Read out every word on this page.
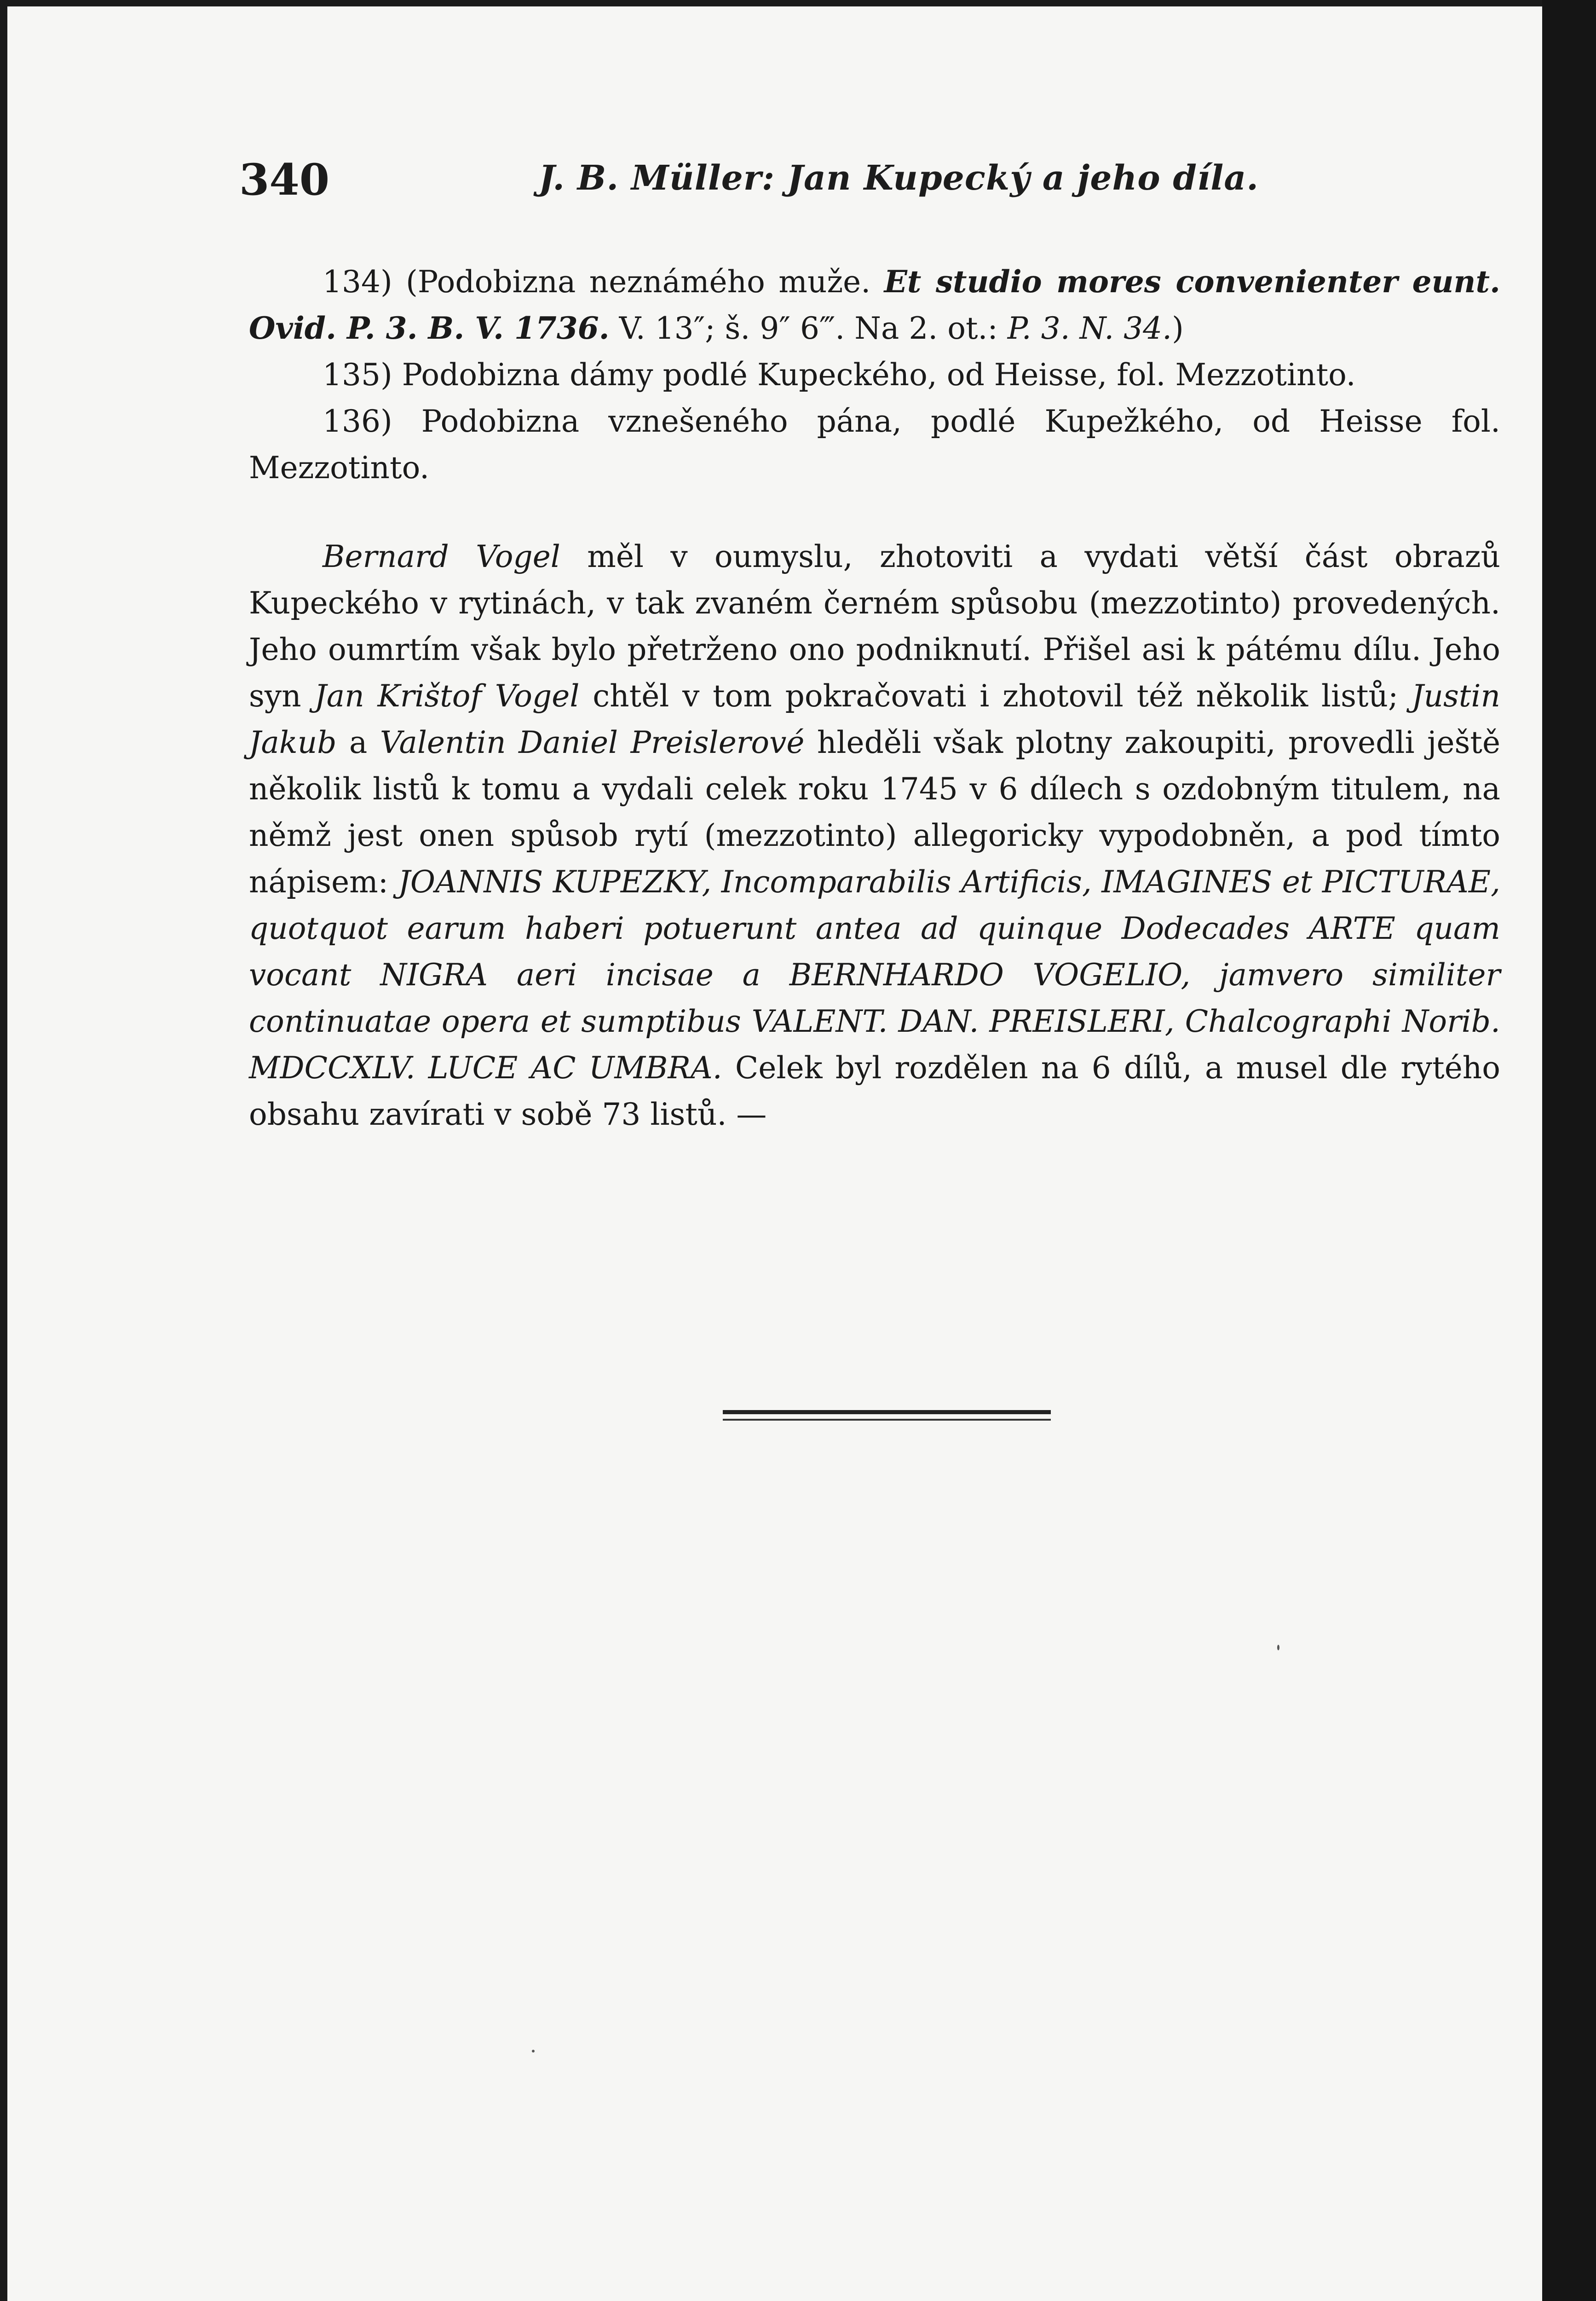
340	J. B. Müller: Jan Kupecký a jeho díla.

134) (Podobizna neznámého muže. Et studio mores convenienter eunt. Ovid. P. 3. B. V. 1736. V. 13″; š. 9″ 6‴. Na 2. ot.: P. 3. N. 34.)

135) Podobizna dámy podlé Kupeckého, od Heisse, fol. Mezzotinto.

136) Podobizna vznešeného pána, podlé Kupežkého, od Heisse fol. Mezzotinto.

Bernard Vogel měl v oumyslu, zhotoviti a vydati větší část obrazů Kupeckého v rytinách, v tak zvaném černém spůsobu (mezzotinto) provedených. Jeho oumrtím však bylo přetrženo ono podniknutí. Přišel asi k pátému dílu. Jeho syn Jan Krištof Vogel chtěl v tom pokračovati i zhotovil též několik listů; Justin Jakub a Valentin Daniel Preislerové hleděli však plotny zakoupiti, provedli ještě několik listů k tomu a vydali celek roku 1745 v 6 dílech s ozdobným titulem, na němž jest onen spůsob rytí (mezzotinto) allegoricky vypodobněn, a pod tímto nápisem: JOANNIS KUPEZKY, Incomparabilis Artificis, IMAGINES et PICTURAE, quotquot earum haberi potuerunt antea ad quinque Dodecades ARTE quam vocant NIGRA aeri incisae a BERNHARDO VOGELIO, jamvero similiter continuatae opera et sumptibus VALENT. DAN. PREISLERI, Chalcographi Norib. MDCCXLV. LUCE AC UMBRA. Celek byl rozdělen na 6 dílů, a musel dle rytého obsahu zavírati v sobě 73 listů. —
